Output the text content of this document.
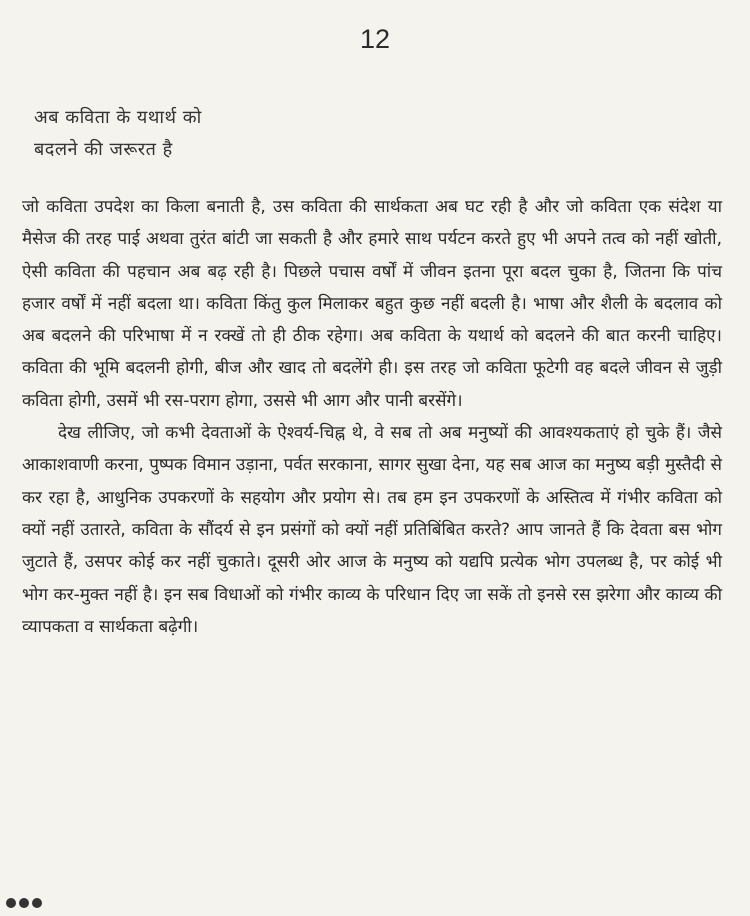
12
अब कविता के यथार्थ को
बदलने की जरूरत है

जो कविता उपदेश का किला बनाती है, उस कविता की सार्थकता अब घट रही है और जो कविता एक संदेश या मैसेज की तरह पाई अथवा तुरंत बांटी जा सकती है और हमारे साथ पर्यटन करते हुए भी अपने तत्व को नहीं खोती, ऐसी कविता की पहचान अब बढ़ रही है। पिछले पचास वर्षों में जीवन इतना पूरा बदल चुका है, जितना कि पांच हजार वर्षों में नहीं बदला था। कविता किंतु कुल मिलाकर बहुत कुछ नहीं बदली है। भाषा और शैली के बदलाव को अब बदलने की परिभाषा में न रक्खें तो ही ठीक रहेगा। अब कविता के यथार्थ को बदलने की बात करनी चाहिए। कविता की भूमि बदलनी होगी, बीज और खाद तो बदलेंगे ही। इस तरह जो कविता फूटेगी वह बदले जीवन से जुड़ी कविता होगी, उसमें भी रस-पराग होगा, उससे भी आग और पानी बरसेंगे।

देख लीजिए, जो कभी देवताओं के ऐश्वर्य-चिह्न थे, वे सब तो अब मनुष्यों की आवश्यकताएं हो चुके हैं। जैसे आकाशवाणी करना, पुष्पक विमान उड़ाना, पर्वत सरकाना, सागर सुखा देना, यह सब आज का मनुष्य बड़ी मुस्तैदी से कर रहा है, आधुनिक उपकरणों के सहयोग और प्रयोग से। तब हम इन उपकरणों के अस्तित्व में गंभीर कविता को क्यों नहीं उतारते, कविता के सौंदर्य से इन प्रसंगों को क्यों नहीं प्रतिबिंबित करते? आप जानते हैं कि देवता बस भोग जुटाते हैं, उसपर कोई कर नहीं चुकाते। दूसरी ओर आज के मनुष्य को यद्यपि प्रत्येक भोग उपलब्ध है, पर कोई भी भोग कर-मुक्त नहीं है। इन सब विधाओं को गंभीर काव्य के परिधान दिए जा सकें तो इनसे रस झरेगा और काव्य की व्यापकता व सार्थकता बढ़ेगी।
